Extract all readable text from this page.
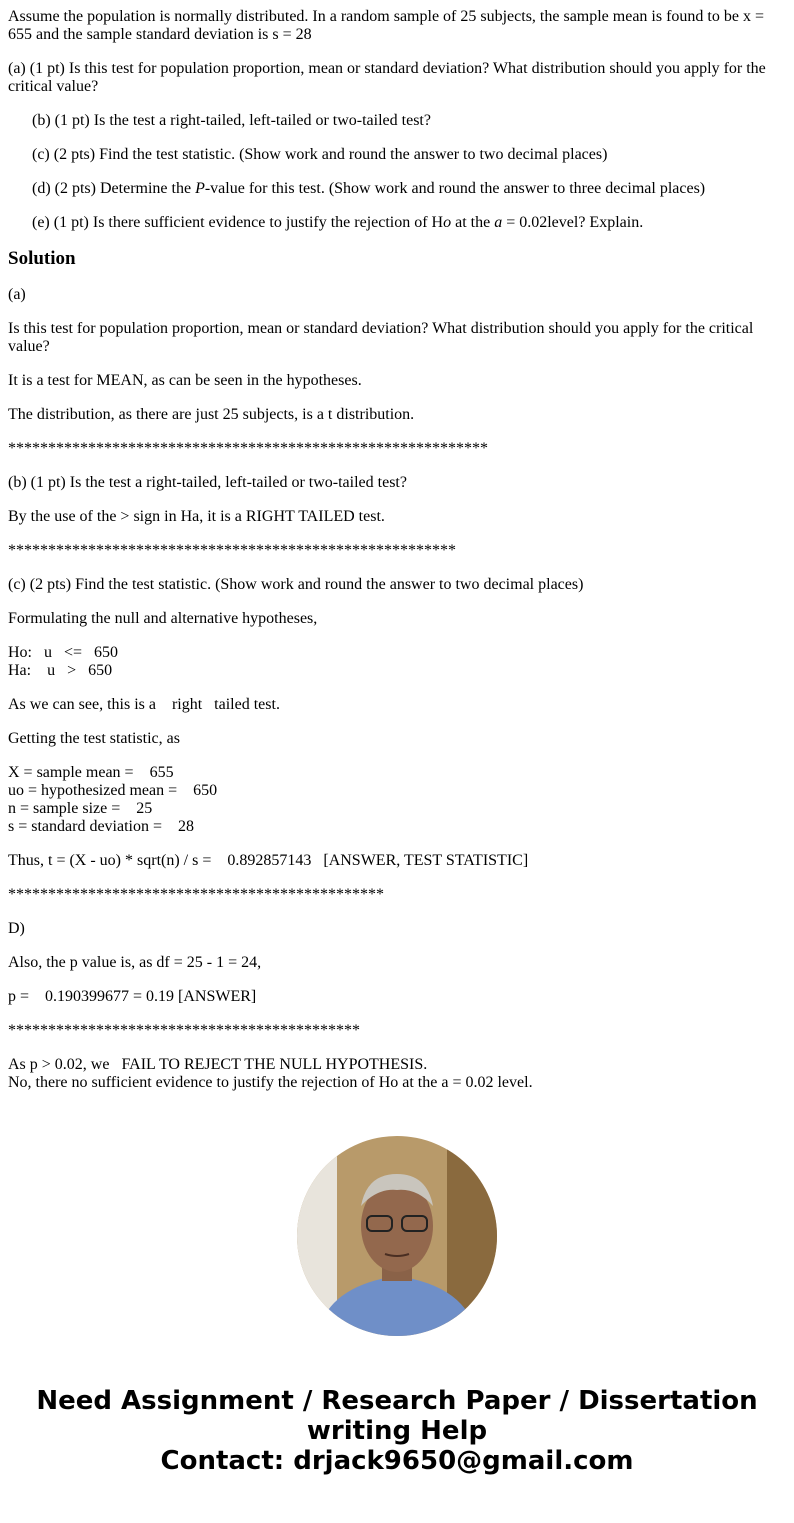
Assume the population is normally distributed. In a random sample of 25 subjects, the sample mean is found to be x = 655 and the sample standard deviation is s = 28

(a) (1 pt) Is this test for population proportion, mean or standard deviation? What distribution should you apply for the critical value?

(b) (1 pt) Is the test a right-tailed, left-tailed or two-tailed test?

(c) (2 pts) Find the test statistic. (Show work and round the answer to two decimal places)

(d) (2 pts) Determine the P-value for this test. (Show work and round the answer to three decimal places)

(e) (1 pt) Is there sufficient evidence to justify the rejection of Ho at the a = 0.02level? Explain.

Solution

(a)

Is this test for population proportion, mean or standard deviation? What distribution should you apply for the critical value?

It is a test for MEAN, as can be seen in the hypotheses.

The distribution, as there are just 25 subjects, is a t distribution.

************************************************************

(b) (1 pt) Is the test a right-tailed, left-tailed or two-tailed test?

By the use of the > sign in Ha, it is a RIGHT TAILED test.

********************************************************

(c) (2 pts) Find the test statistic. (Show work and round the answer to two decimal places)

Formulating the null and alternative hypotheses,

Ho:   u   <=   650
Ha:    u   >   650

As we can see, this is a    right   tailed test.

Getting the test statistic, as

X = sample mean =    655
uo = hypothesized mean =    650
n = sample size =    25
s = standard deviation =    28

Thus, t = (X - uo) * sqrt(n) / s =    0.892857143   [ANSWER, TEST STATISTIC]

***********************************************

D)

Also, the p value is, as df = 25 - 1 = 24,

p =    0.190399677 = 0.19 [ANSWER]

********************************************

As p > 0.02, we   FAIL TO REJECT THE NULL HYPOTHESIS.
No, there no sufficient evidence to justify the rejection of Ho at the a = 0.02 level.

Need Assignment / Research Paper / Dissertation writing Help
Contact: drjack9650@gmail.com
